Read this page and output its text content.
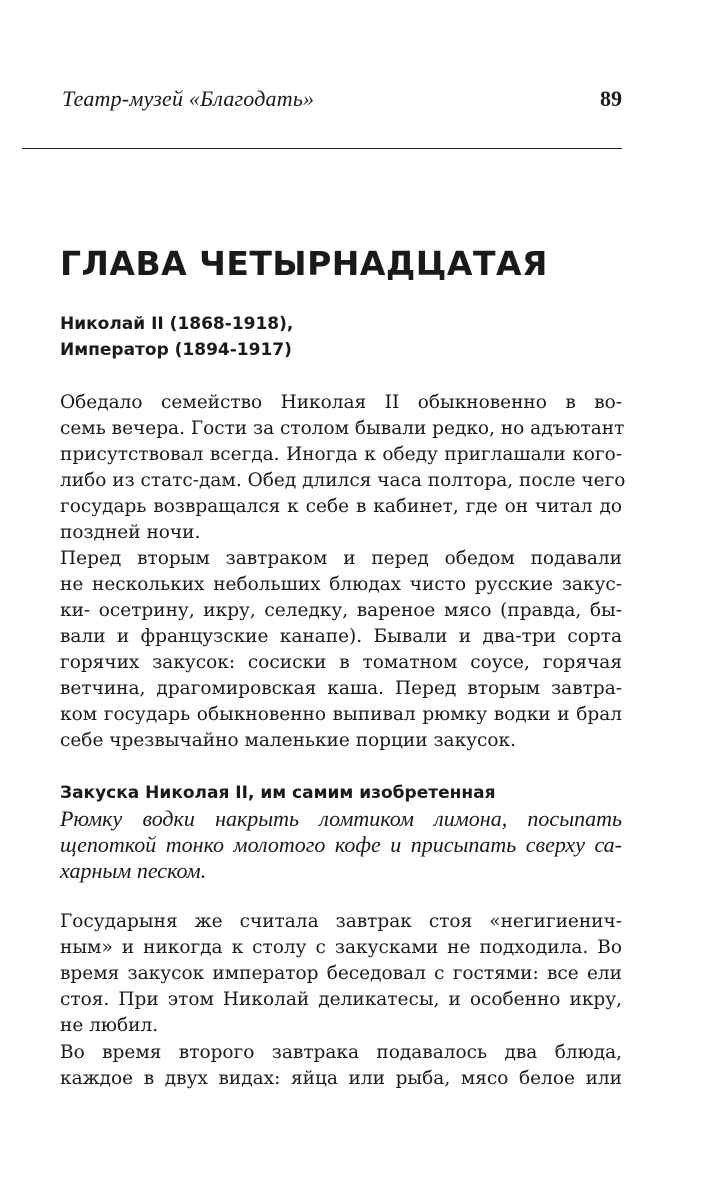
Театр-музей «Благодать»	89
ГЛАВА ЧЕТЫРНАДЦАТАЯ
Николай II (1868-1918),
Император (1894-1917)
Обедало семейство Николая II обыкновенно в во-
семь вечера. Гости за столом бывали редко, но адъютант
присутствовал всегда. Иногда к обеду приглашали кого-
либо из статс-дам. Обед длился часа полтора, после чего
государь возвращался к себе в кабинет, где он читал до
поздней ночи.
Перед вторым завтраком и перед обедом подавали
не нескольких небольших блюдах чисто русские закус-
ки- осетрину, икру, селедку, вареное мясо (правда, бы-
вали и французские канапе). Бывали и два-три сорта
горячих закусок: сосиски в томатном соусе, горячая
ветчина, драгомировская каша. Перед вторым завтра-
ком государь обыкновенно выпивал рюмку водки и брал
себе чрезвычайно маленькие порции закусок.
Закуска Николая II, им самим изобретенная
Рюмку водки накрыть ломтиком лимона, посыпать
щепоткой тонко молотого кофе и присыпать сверху са-
харным песком.
Государыня же считала завтрак стоя «негигиенич-
ным» и никогда к столу с закусками не подходила. Во
время закусок император беседовал с гостями: все ели
стоя. При этом Николай деликатесы, и особенно икру,
не любил.
Во время второго завтрака подавалось два блюда,
каждое в двух видах: яйца или рыба, мясо белое или
